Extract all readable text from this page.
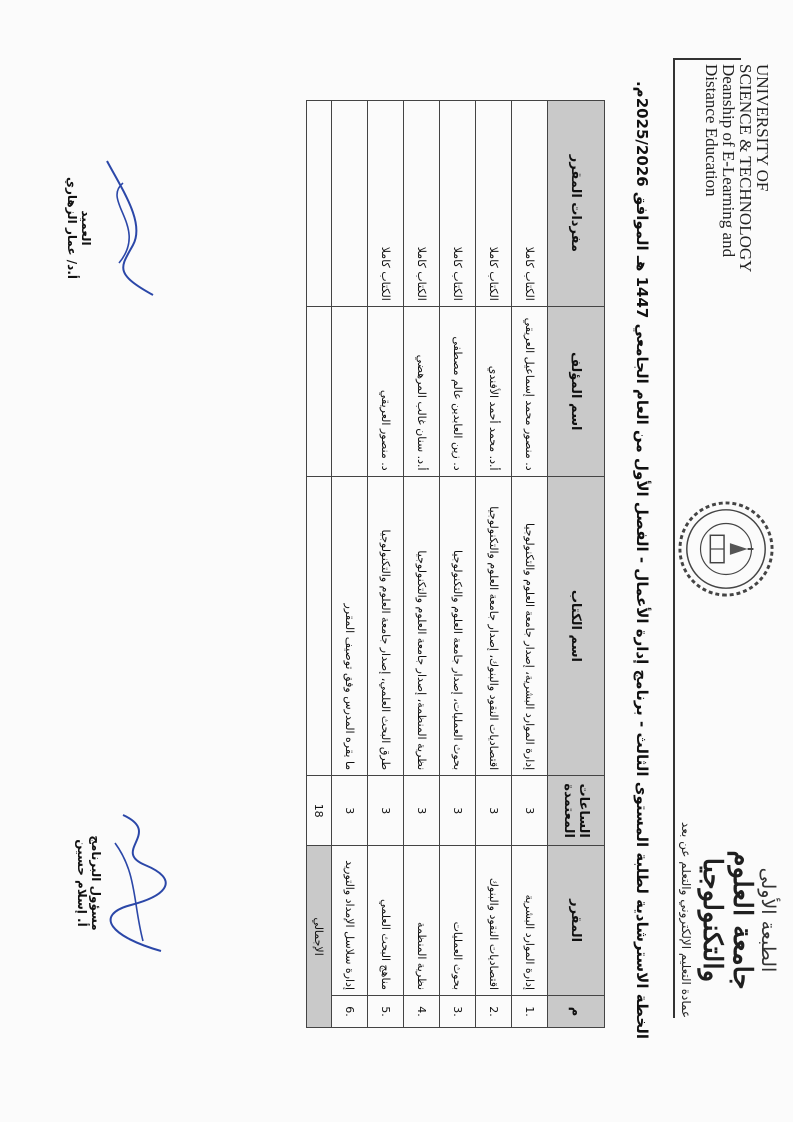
UNIVERSITY OF
SCIENCE & TECHNOLOGY
Deanship of E-Learning and
Distance Education
الطبعة الأولى
جامعة العلوم والتكنولوجيا
عمادة التعليم الإلكتروني والتعلم عن بعد
الخطة الاسترشادية لطلبة المستوى الثالث - برنامج إدارة الأعمال - الفصل الأول من العام الجامعي 1447 هـ الموافق 2025/2026م.
م	المقرر	الساعات المعتمدة	اسم الكتاب	اسم المؤلف	مفردات المقرر
.1	إدارة الموارد البشرية	3	إدارة الموارد البشرية، إصدار جامعة العلوم والتكنولوجيا	د. منصور محمد إسماعيل العريقي	الكتاب كاملا
.2	اقتصاديات النقود والبنوك	3	اقتصاديات النقود والبنوك، إصدار جامعة العلوم والتكنولوجيا	أ.د. محمد أحمد الأفندي	الكتاب كاملا
.3	بحوث العمليات	3	بحوث العمليات، إصدار جامعة العلوم والتكنولوجيا	د. زين العابدين عالم مصطفى	الكتاب كاملا
.4	نظرية المنظمة	3	نظرية المنظمة، إصدار جامعة العلوم والتكنولوجيا	أ.د. سنان غالب المرهضي	الكتاب كاملا
.5	مناهج البحث العلمي	3	طرق البحث العلمي، إصدار جامعة العلوم والتكنولوجيا	د. منصور العريقي	الكتاب كاملا
.6	إدارة سلاسل الإمداد والتوريد	3	ما يقره المدرس وفق توصيف المقرر		
الإجمالي		18			
مسؤول البرنامج
أ. إسلام حسين
العميد
أ.د/ عمار الزهاري
